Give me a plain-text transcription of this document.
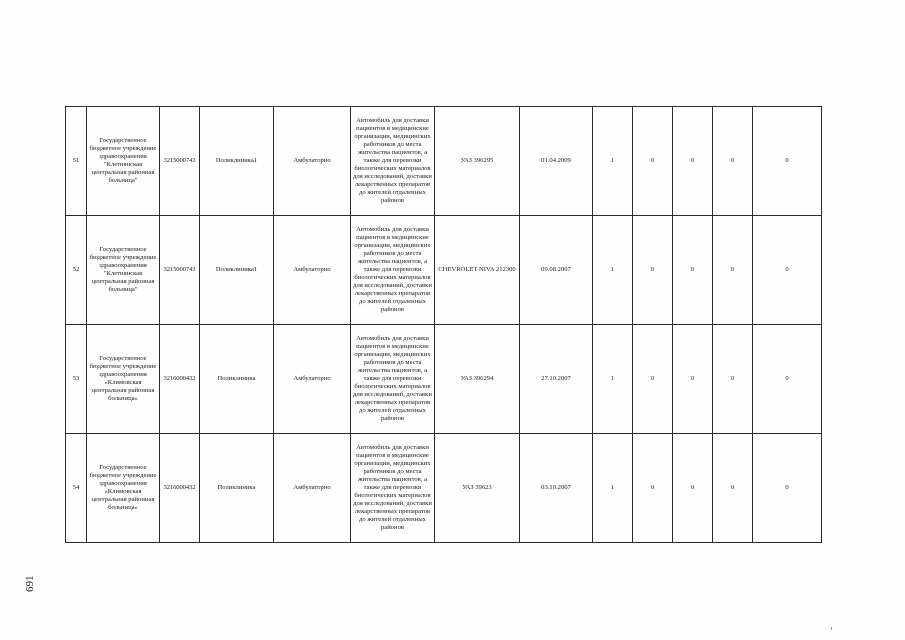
51	Государственное бюджетное учреждение здравоохранения "Клетнянская центральная районная больница"	3215000743	Поликлиника1	Амбулаторно	Автомобиль для доставки пациентов в медицинские организации, медицинских работников до места жительства пациентов, а также для перевозки биологических материалов для исследований, доставки лекарственных препаратов до жителей отдаленных районов	УАЗ 396295	01.04.2009	1	0	0	0	0
52	Государственное бюджетное учреждение здравоохранения "Клетнянская центральная районная больница"	3215000743	Поликлиника1	Амбулаторно	Автомобиль для доставки пациентов в медицинские организации, медицинских работников до места жительства пациентов, а также для перевозки биологических материалов для исследований, доставки лекарственных препаратов до жителей отдаленных районов	CHEVROLET NIVA 212300	09.08.2007	1	0	0	0	0
53	Государственное бюджетное учреждение здравоохранения «Климовская центральная районная больница»	3216000432	Поликлиника	Амбулаторно	Автомобиль для доставки пациентов в медицинские организации, медицинских работников до места жительства пациентов, а также для перевозки биологических материалов для исследований, доставки лекарственных препаратов до жителей отдаленных районов	УАЗ 396294	27.10.2007	1	0	0	0	0
54	Государственное бюджетное учреждение здравоохранения «Климовская центральная районная больница»	3216000432	Поликлиника	Амбулаторно	Автомобиль для доставки пациентов в медицинские организации, медицинских работников до места жительства пациентов, а также для перевозки биологических материалов для исследований, доставки лекарственных препаратов до жителей отдаленных районов	УАЗ 39623	03.10.2007	1	0	0	0	0
691
